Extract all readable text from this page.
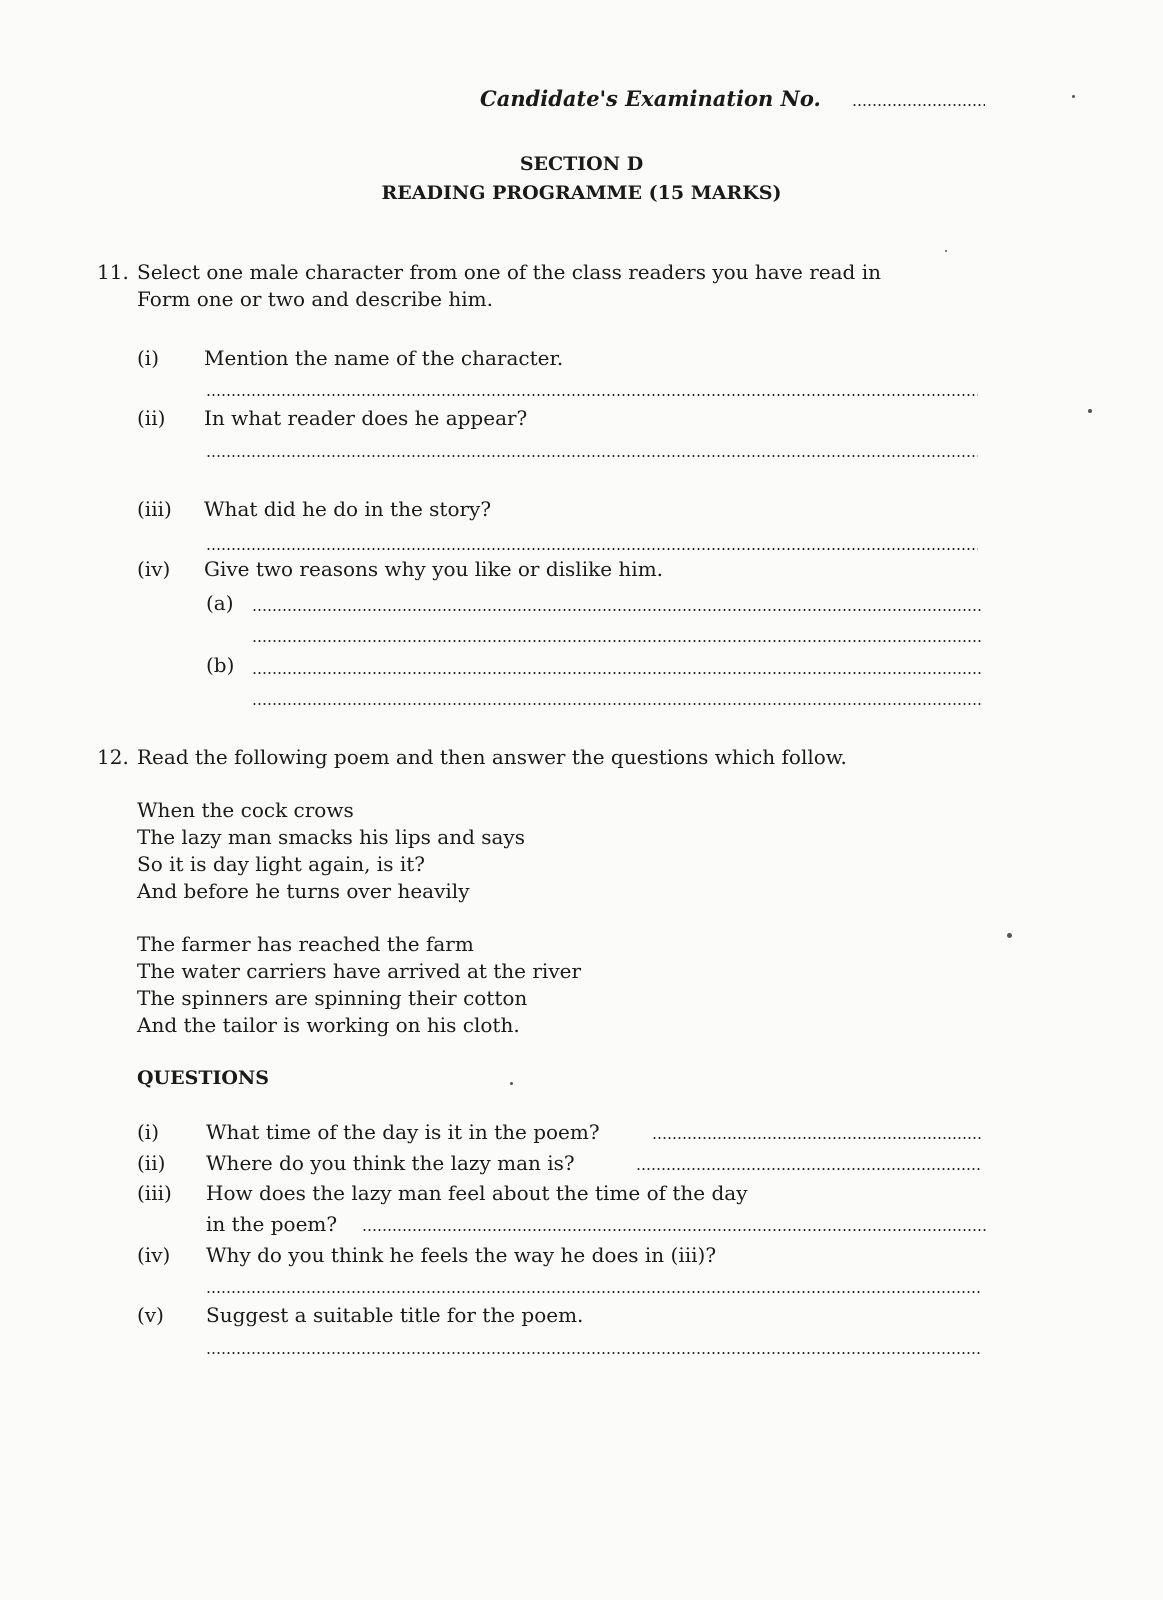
Candidate's Examination No.
SECTION D
READING PROGRAMME (15 MARKS)
11. Select one male character from one of the class readers you have read in
Form one or two and describe him.
(i) Mention the name of the character.
(ii) In what reader does he appear?
(iii) What did he do in the story?
(iv) Give two reasons why you like or dislike him.
(a)
(b)
12. Read the following poem and then answer the questions which follow.
When the cock crows
The lazy man smacks his lips and says
So it is day light again, is it?
And before he turns over heavily
The farmer has reached the farm
The water carriers have arrived at the river
The spinners are spinning their cotton
And the tailor is working on his cloth.
QUESTIONS
(i) What time of the day is it in the poem?
(ii) Where do you think the lazy man is?
(iii) How does the lazy man feel about the time of the day
in the poem?
(iv) Why do you think he feels the way he does in (iii)?
(v) Suggest a suitable title for the poem.
